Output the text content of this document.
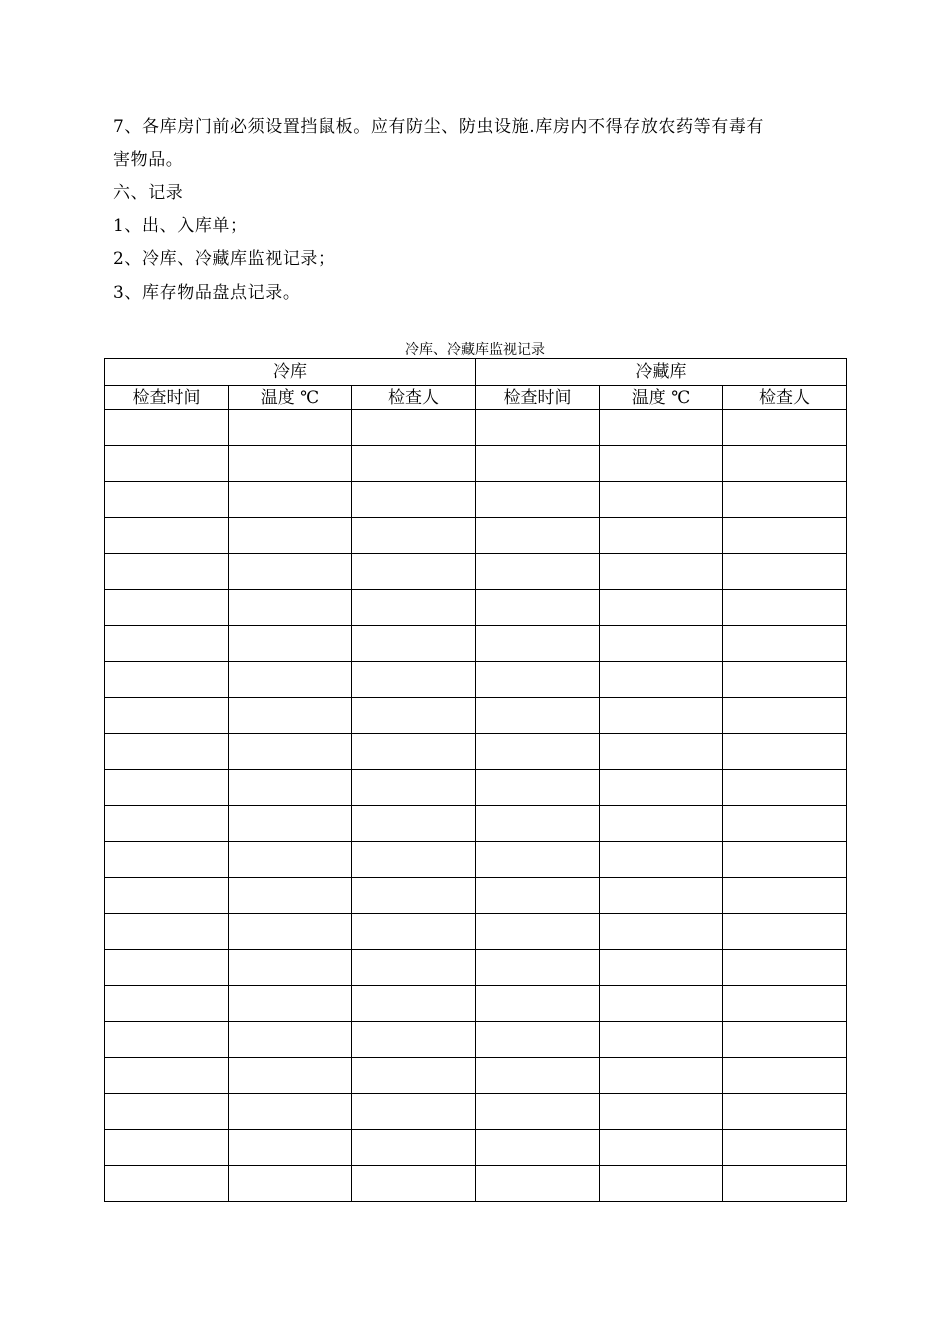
7、各库房门前必须设置挡鼠板。应有防尘、防虫设施.库房内不得存放农药等有毒有
害物品。
六、记录
1、出、入库单；
2、冷库、冷藏库监视记录；
3、库存物品盘点记录。
冷库、冷藏库监视记录
冷库			冷藏库		
检查时间	温度 ℃	检查人	检查时间	温度 ℃	检查人
